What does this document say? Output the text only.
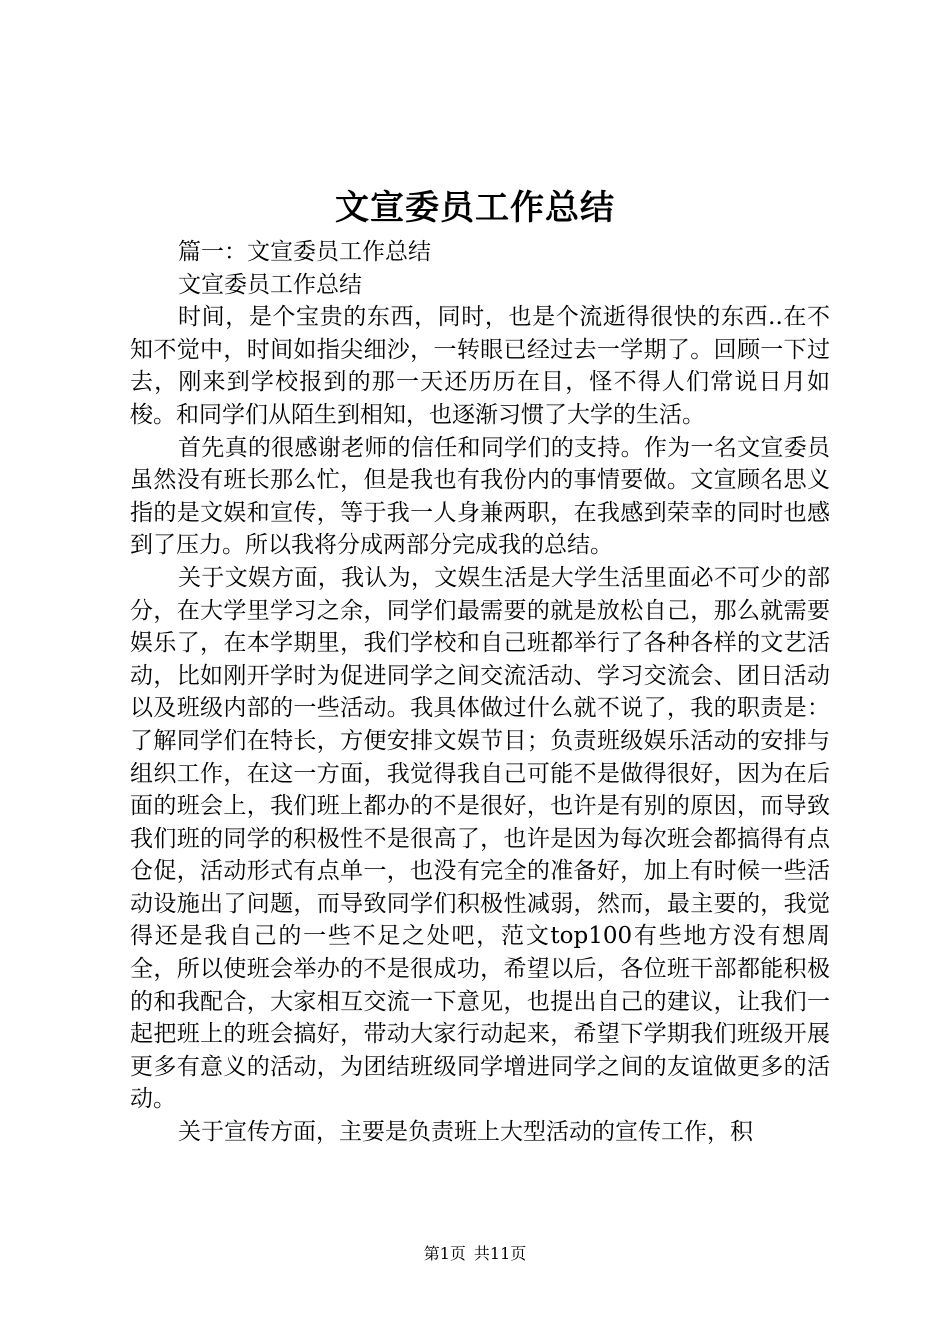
文宣委员工作总结

篇一：文宣委员工作总结

文宣委员工作总结

时间，是个宝贵的东西，同时，也是个流逝得很快的东西..在不知不觉中，时间如指尖细沙，一转眼已经过去一学期了。回顾一下过去，刚来到学校报到的那一天还历历在目，怪不得人们常说日月如梭。和同学们从陌生到相知，也逐渐习惯了大学的生活。

首先真的很感谢老师的信任和同学们的支持。作为一名文宣委员虽然没有班长那么忙，但是我也有我份内的事情要做。文宣顾名思义指的是文娱和宣传，等于我一人身兼两职，在我感到荣幸的同时也感到了压力。所以我将分成两部分完成我的总结。

关于文娱方面，我认为，文娱生活是大学生活里面必不可少的部分，在大学里学习之余，同学们最需要的就是放松自己，那么就需要娱乐了，在本学期里，我们学校和自己班都举行了各种各样的文艺活动，比如刚开学时为促进同学之间交流活动、学习交流会、团日活动以及班级内部的一些活动。我具体做过什么就不说了，我的职责是：了解同学们在特长，方便安排文娱节目；负责班级娱乐活动的安排与组织工作，在这一方面，我觉得我自己可能不是做得很好，因为在后面的班会上，我们班上都办的不是很好，也许是有别的原因，而导致我们班的同学的积极性不是很高了，也许是因为每次班会都搞得有点仓促，活动形式有点单一，也没有完全的准备好，加上有时候一些活动设施出了问题，而导致同学们积极性减弱，然而，最主要的，我觉得还是我自己的一些不足之处吧，范文top100有些地方没有想周全，所以使班会举办的不是很成功，希望以后，各位班干部都能积极的和我配合，大家相互交流一下意见，也提出自己的建议，让我们一起把班上的班会搞好，带动大家行动起来，希望下学期我们班级开展更多有意义的活动，为团结班级同学增进同学之间的友谊做更多的活动。

关于宣传方面，主要是负责班上大型活动的宣传工作，积

第1页 共11页
